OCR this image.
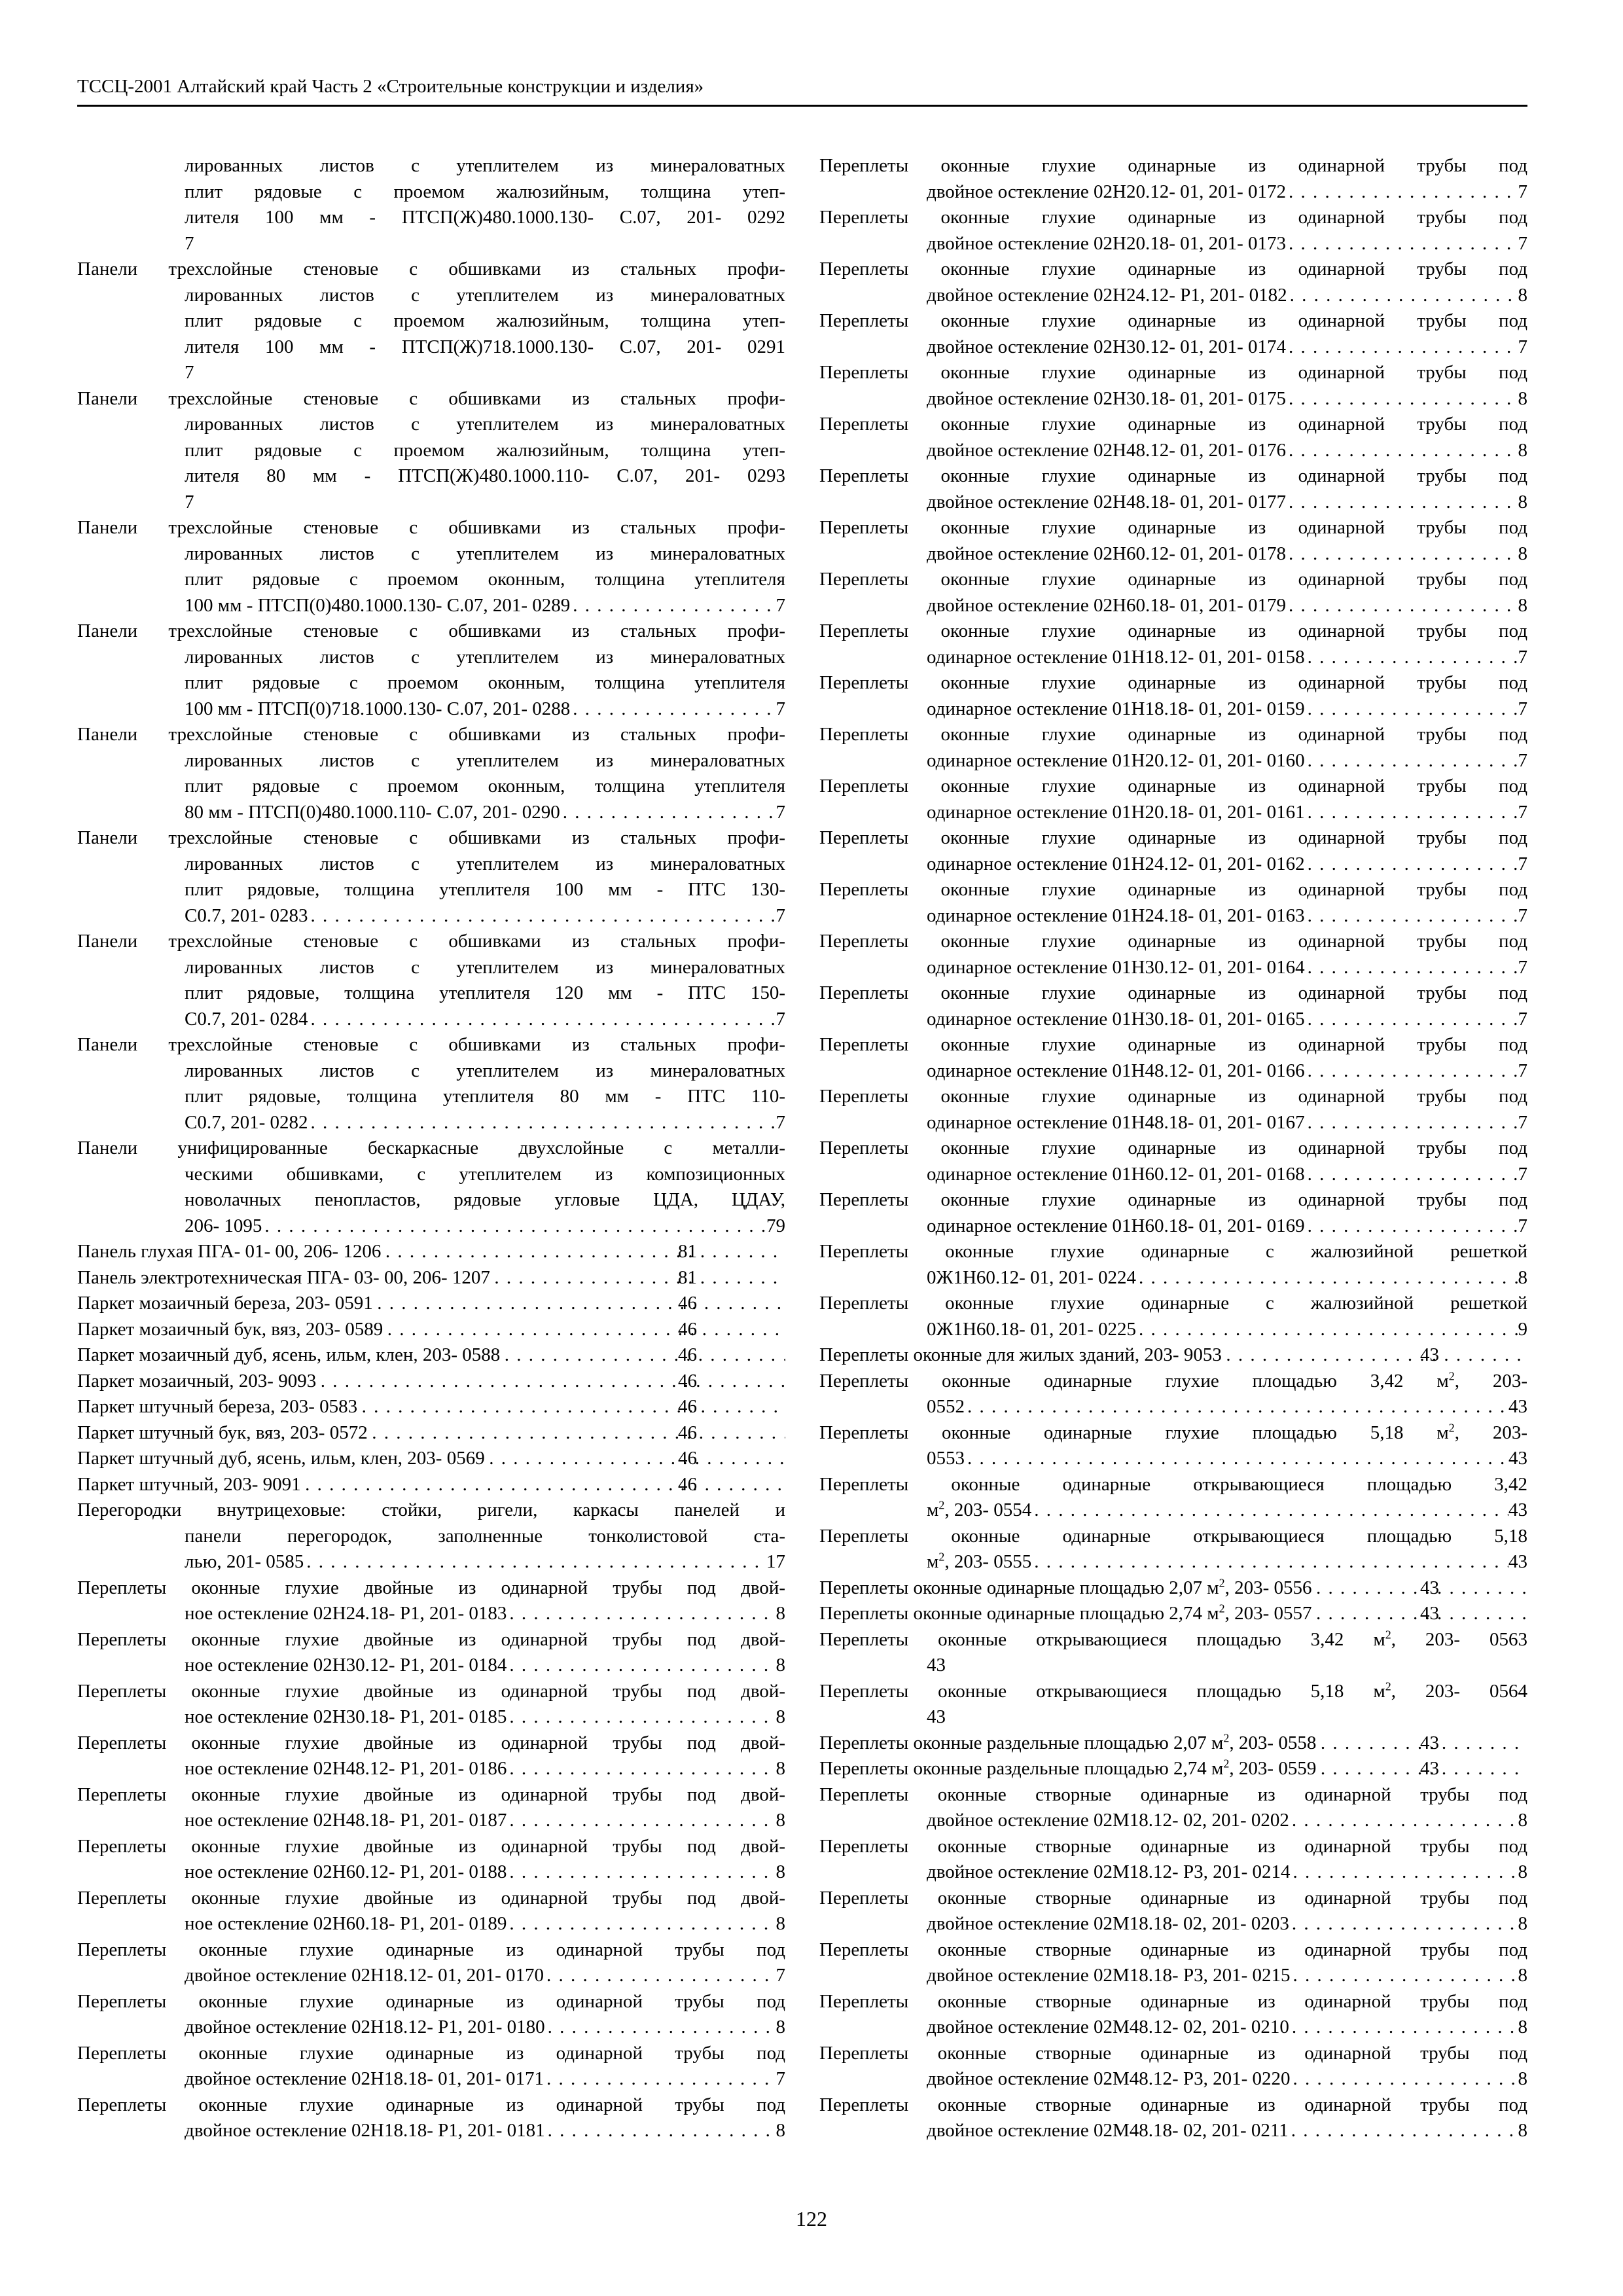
ТССЦ-2001 Алтайский край Часть 2 «Строительные конструкции и изделия»
лированных листов с утеплителем из минераловатных
плит рядовые с проемом жалюзийным, толщина утеп-
лителя 100 мм - ПТСП(Ж)480.1000.130- С.07, 201- 0292
7
Панели трехслойные стеновые с обшивками из стальных профи-
лированных листов с утеплителем из минераловатных
плит рядовые с проемом жалюзийным, толщина утеп-
лителя 100 мм - ПТСП(Ж)718.1000.130- С.07, 201- 0291
7
Панели трехслойные стеновые с обшивками из стальных профи-
лированных листов с утеплителем из минераловатных
плит рядовые с проемом жалюзийным, толщина утеп-
лителя 80 мм - ПТСП(Ж)480.1000.110- С.07, 201- 0293
7
Панели трехслойные стеновые с обшивками из стальных профи-
лированных листов с утеплителем из минераловатных
плит рядовые с проемом оконным, толщина утеплителя
100 мм - ПТСП(0)480.1000.130- С.07, 201- 0289 . . .	7
Панели трехслойные стеновые с обшивками из стальных профи-
лированных листов с утеплителем из минераловатных
плит рядовые с проемом оконным, толщина утеплителя
100 мм - ПТСП(0)718.1000.130- С.07, 201- 0288 . . .	7
Панели трехслойные стеновые с обшивками из стальных профи-
лированных листов с утеплителем из минераловатных
плит рядовые с проемом оконным, толщина утеплителя
80 мм - ПТСП(0)480.1000.110- С.07, 201- 0290 . . .	7
Панели трехслойные стеновые с обшивками из стальных профи-
лированных листов с утеплителем из минераловатных
плит рядовые, толщина утеплителя 100 мм - ПТС 130-
С0.7, 201- 0283 . . .	7
Панели трехслойные стеновые с обшивками из стальных профи-
лированных листов с утеплителем из минераловатных
плит рядовые, толщина утеплителя 120 мм - ПТС 150-
С0.7, 201- 0284 . . .	7
Панели трехслойные стеновые с обшивками из стальных профи-
лированных листов с утеплителем из минераловатных
плит рядовые, толщина утеплителя 80 мм - ПТС 110-
С0.7, 201- 0282 . . .	7
Панели унифицированные бескаркасные двухслойные с металли-
ческими обшивками, с утеплителем из композиционных
новолачных пенопластов, рядовые угловые ЦДА, ЦДАУ,
206- 1095 . . .	79
Панель глухая ПГА- 01- 00, 206- 1206 . . .	81
Панель электротехническая ПГА- 03- 00, 206- 1207 . . .	81
Паркет мозаичный береза, 203- 0591 . . .	46
Паркет мозаичный бук, вяз, 203- 0589 . . .	46
Паркет мозаичный дуб, ясень, ильм, клен, 203- 0588 . . .	46
Паркет мозаичный, 203- 9093 . . .	46
Паркет штучный береза, 203- 0583 . . .	46
Паркет штучный бук, вяз, 203- 0572 . . .	46
Паркет штучный дуб, ясень, ильм, клен, 203- 0569 . . .	46
Паркет штучный, 203- 9091 . . .	46
Перегородки внутрицеховые: стойки, ригели, каркасы панелей и
панели перегородок, заполненные тонколистовой ста-
лью, 201- 0585 . . .	17
Переплеты оконные глухие двойные из одинарной трубы под двой-
ное остекление 02Н24.18- Р1, 201- 0183 . . .	8
Переплеты оконные глухие двойные из одинарной трубы под двой-
ное остекление 02Н30.12- Р1, 201- 0184 . . .	8
Переплеты оконные глухие двойные из одинарной трубы под двой-
ное остекление 02Н30.18- Р1, 201- 0185 . . .	8
Переплеты оконные глухие двойные из одинарной трубы под двой-
ное остекление 02Н48.12- Р1, 201- 0186 . . .	8
Переплеты оконные глухие двойные из одинарной трубы под двой-
ное остекление 02Н48.18- Р1, 201- 0187 . . .	8
Переплеты оконные глухие двойные из одинарной трубы под двой-
ное остекление 02Н60.12- Р1, 201- 0188 . . .	8
Переплеты оконные глухие двойные из одинарной трубы под двой-
ное остекление 02Н60.18- Р1, 201- 0189 . . .	8
Переплеты оконные глухие одинарные из одинарной трубы под
двойное остекление 02Н18.12- 01, 201- 0170 . . .	7
Переплеты оконные глухие одинарные из одинарной трубы под
двойное остекление 02Н18.12- Р1, 201- 0180 . . .	8
Переплеты оконные глухие одинарные из одинарной трубы под
двойное остекление 02Н18.18- 01, 201- 0171 . . .	7
Переплеты оконные глухие одинарные из одинарной трубы под
двойное остекление 02Н18.18- Р1, 201- 0181 . . .	8
Переплеты оконные глухие одинарные из одинарной трубы под
двойное остекление 02Н20.12- 01, 201- 0172 . . .	7
Переплеты оконные глухие одинарные из одинарной трубы под
двойное остекление 02Н20.18- 01, 201- 0173 . . .	7
Переплеты оконные глухие одинарные из одинарной трубы под
двойное остекление 02Н24.12- Р1, 201- 0182 . . .	8
Переплеты оконные глухие одинарные из одинарной трубы под
двойное остекление 02Н30.12- 01, 201- 0174 . . .	7
Переплеты оконные глухие одинарные из одинарной трубы под
двойное остекление 02Н30.18- 01, 201- 0175 . . .	8
Переплеты оконные глухие одинарные из одинарной трубы под
двойное остекление 02Н48.12- 01, 201- 0176 . . .	8
Переплеты оконные глухие одинарные из одинарной трубы под
двойное остекление 02Н48.18- 01, 201- 0177 . . .	8
Переплеты оконные глухие одинарные из одинарной трубы под
двойное остекление 02Н60.12- 01, 201- 0178 . . .	8
Переплеты оконные глухие одинарные из одинарной трубы под
двойное остекление 02Н60.18- 01, 201- 0179 . . .	8
Переплеты оконные глухие одинарные из одинарной трубы под
одинарное остекление 01Н18.12- 01, 201- 0158 . . .	7
Переплеты оконные глухие одинарные из одинарной трубы под
одинарное остекление 01Н18.18- 01, 201- 0159 . . .	7
Переплеты оконные глухие одинарные из одинарной трубы под
одинарное остекление 01Н20.12- 01, 201- 0160 . . .	7
Переплеты оконные глухие одинарные из одинарной трубы под
одинарное остекление 01Н20.18- 01, 201- 0161 . . .	7
Переплеты оконные глухие одинарные из одинарной трубы под
одинарное остекление 01Н24.12- 01, 201- 0162 . . .	7
Переплеты оконные глухие одинарные из одинарной трубы под
одинарное остекление 01Н24.18- 01, 201- 0163 . . .	7
Переплеты оконные глухие одинарные из одинарной трубы под
одинарное остекление 01Н30.12- 01, 201- 0164 . . .	7
Переплеты оконные глухие одинарные из одинарной трубы под
одинарное остекление 01Н30.18- 01, 201- 0165 . . .	7
Переплеты оконные глухие одинарные из одинарной трубы под
одинарное остекление 01Н48.12- 01, 201- 0166 . . .	7
Переплеты оконные глухие одинарные из одинарной трубы под
одинарное остекление 01Н48.18- 01, 201- 0167 . . .	7
Переплеты оконные глухие одинарные из одинарной трубы под
одинарное остекление 01Н60.12- 01, 201- 0168 . . .	7
Переплеты оконные глухие одинарные из одинарной трубы под
одинарное остекление 01Н60.18- 01, 201- 0169 . . .	7
Переплеты оконные глухие одинарные с жалюзийной решеткой
0Ж1Н60.12- 01, 201- 0224 . . .	8
Переплеты оконные глухие одинарные с жалюзийной решеткой
0Ж1Н60.18- 01, 201- 0225 . . .	9
Переплеты оконные для жилых зданий, 203- 9053 . . .	43
Переплеты оконные одинарные глухие площадью 3,42 $м^2$, 203-
0552 . . .	43
Переплеты оконные одинарные глухие площадью 5,18 $м^2$, 203-
0553 . . .	43
Переплеты оконные одинарные открывающиеся площадью 3,42
$м^2$, 203- 0554 . . .	43
Переплеты оконные одинарные открывающиеся площадью 5,18
$м^2$, 203- 0555 . . .	43
Переплеты оконные одинарные площадью 2,07 $м^2$, 203- 0556 . . .	43
Переплеты оконные одинарные площадью 2,74 $м^2$, 203- 0557 . . .	43
Переплеты оконные открывающиеся площадью 3,42 $м^2$, 203- 0563
43
Переплеты оконные открывающиеся площадью 5,18 $м^2$, 203- 0564
43
Переплеты оконные раздельные площадью 2,07 $м^2$, 203- 0558 . . .	43
Переплеты оконные раздельные площадью 2,74 $м^2$, 203- 0559 . . .	43
Переплеты оконные створные одинарные из одинарной трубы под
двойное остекление 02М18.12- 02, 201- 0202 . . .	8
Переплеты оконные створные одинарные из одинарной трубы под
двойное остекление 02М18.12- Р3, 201- 0214 . . .	8
Переплеты оконные створные одинарные из одинарной трубы под
двойное остекление 02М18.18- 02, 201- 0203 . . .	8
Переплеты оконные створные одинарные из одинарной трубы под
двойное остекление 02М18.18- Р3, 201- 0215 . . .	8
Переплеты оконные створные одинарные из одинарной трубы под
двойное остекление 02М48.12- 02, 201- 0210 . . .	8
Переплеты оконные створные одинарные из одинарной трубы под
двойное остекление 02М48.12- Р3, 201- 0220 . . .	8
Переплеты оконные створные одинарные из одинарной трубы под
двойное остекление 02М48.18- 02, 201- 0211 . . .	8
122
